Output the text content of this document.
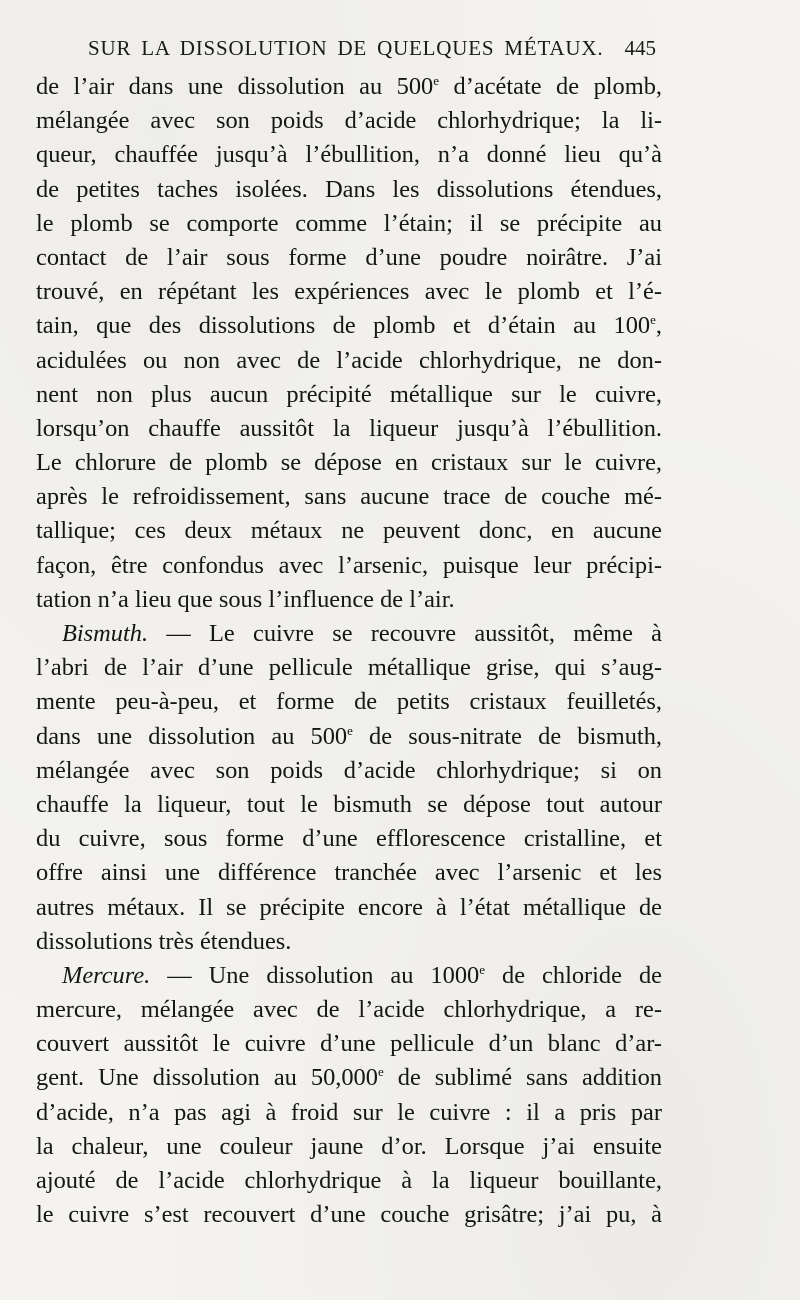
SUR LA DISSOLUTION DE QUELQUES MÉTAUX. 445
de l’air dans une dissolution au 500e d’acétate de plomb,
mélangée avec son poids d’acide chlorhydrique; la li-
queur, chauffée jusqu’à l’ébullition, n’a donné lieu qu’à
de petites taches isolées. Dans les dissolutions étendues,
le plomb se comporte comme l’étain; il se précipite au
contact de l’air sous forme d’une poudre noirâtre. J’ai
trouvé, en répétant les expériences avec le plomb et l’é-
tain, que des dissolutions de plomb et d’étain au 100e,
acidulées ou non avec de l’acide chlorhydrique, ne don-
nent non plus aucun précipité métallique sur le cuivre,
lorsqu’on chauffe aussitôt la liqueur jusqu’à l’ébullition.
Le chlorure de plomb se dépose en cristaux sur le cuivre,
après le refroidissement, sans aucune trace de couche mé-
tallique; ces deux métaux ne peuvent donc, en aucune
façon, être confondus avec l’arsenic, puisque leur précipi-
tation n’a lieu que sous l’influence de l’air.
Bismuth. — Le cuivre se recouvre aussitôt, même à
l’abri de l’air d’une pellicule métallique grise, qui s’aug-
mente peu-à-peu, et forme de petits cristaux feuilletés,
dans une dissolution au 500e de sous-nitrate de bismuth,
mélangée avec son poids d’acide chlorhydrique; si on
chauffe la liqueur, tout le bismuth se dépose tout autour
du cuivre, sous forme d’une efflorescence cristalline, et
offre ainsi une différence tranchée avec l’arsenic et les
autres métaux. Il se précipite encore à l’état métallique de
dissolutions très étendues.
Mercure. — Une dissolution au 1000e de chloride de
mercure, mélangée avec de l’acide chlorhydrique, a re-
couvert aussitôt le cuivre d’une pellicule d’un blanc d’ar-
gent. Une dissolution au 50,000e de sublimé sans addition
d’acide, n’a pas agi à froid sur le cuivre : il a pris par
la chaleur, une couleur jaune d’or. Lorsque j’ai ensuite
ajouté de l’acide chlorhydrique à la liqueur bouillante,
le cuivre s’est recouvert d’une couche grisâtre; j’ai pu, à
